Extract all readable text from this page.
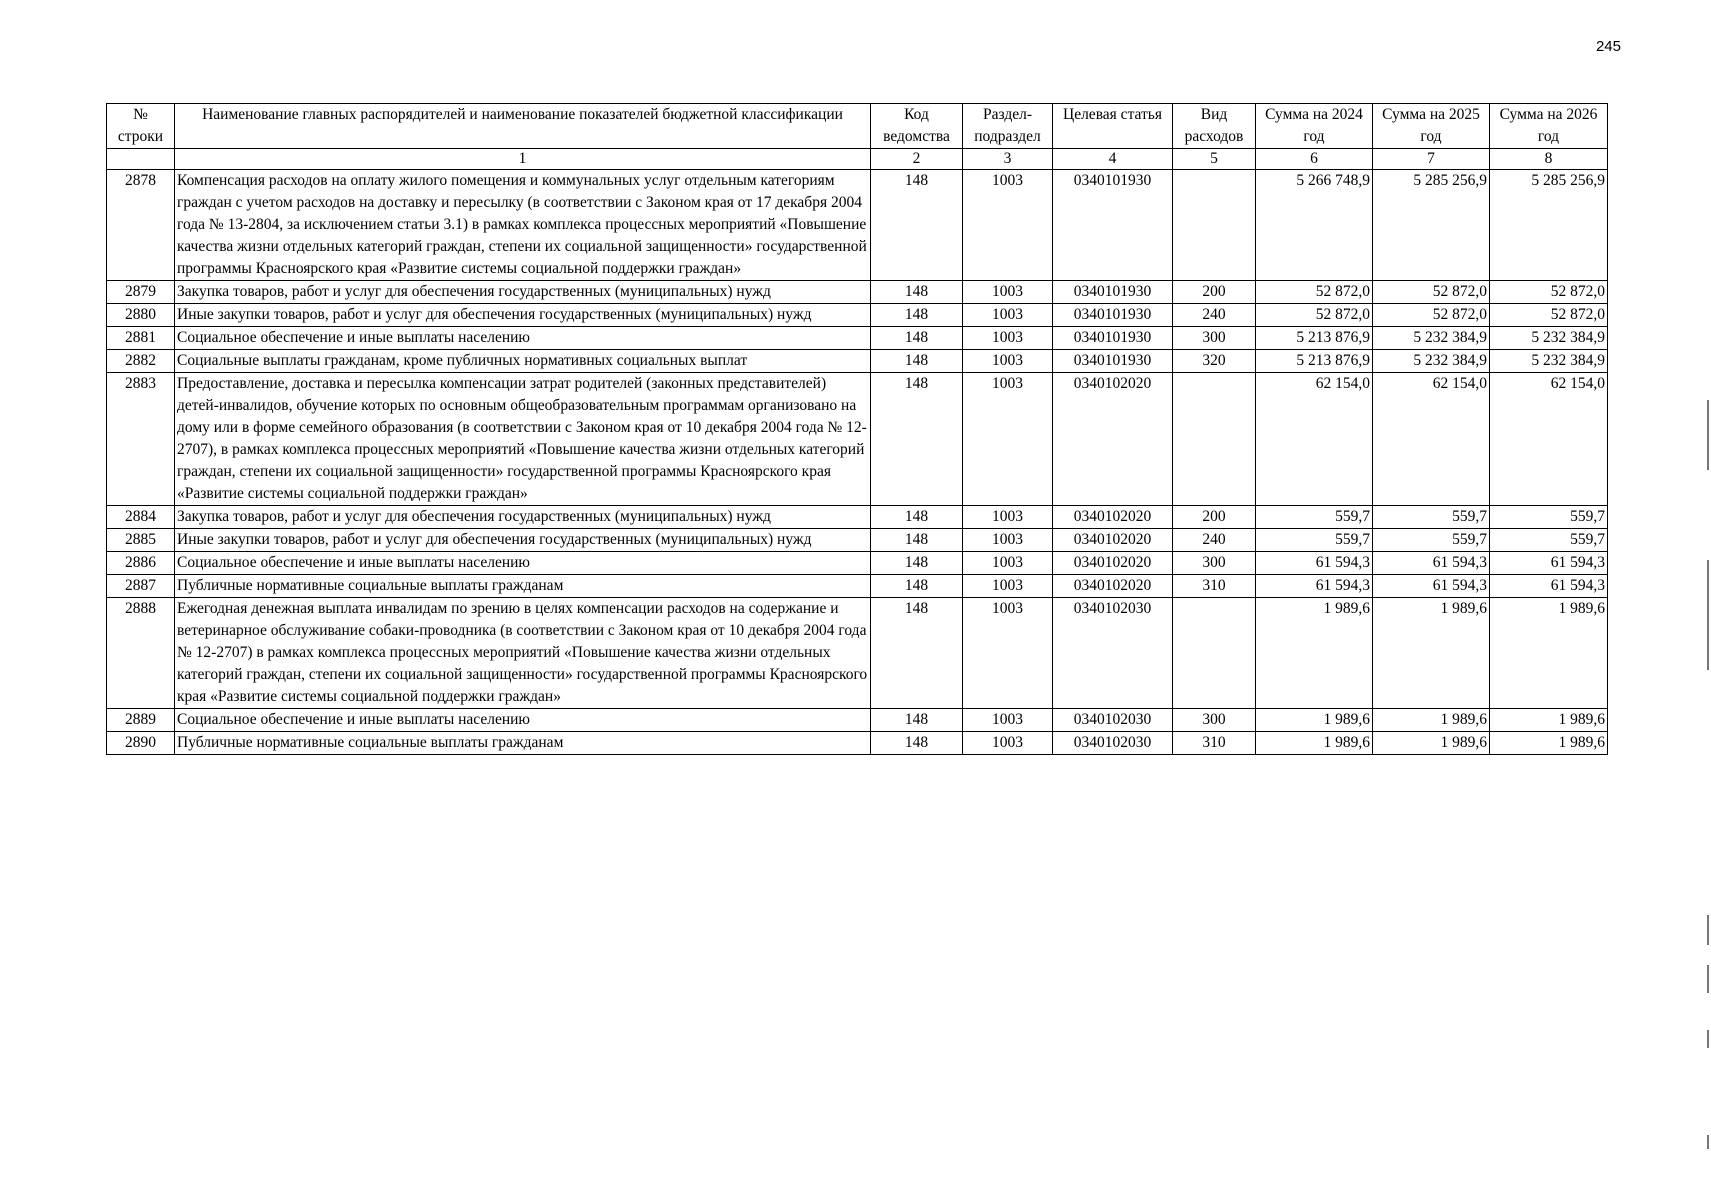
245
№ строки	Наименование главных распорядителей и наименование показателей бюджетной классификации	Код ведомства	Раздел-подраздел	Целевая статья	Вид расходов	Сумма на 2024 год	Сумма на 2025 год	Сумма на 2026 год
	1	2	3	4	5	6	7	8
2878	Компенсация расходов на оплату жилого помещения и коммунальных услуг отдельным категориям граждан с учетом расходов на доставку и пересылку (в соответствии с Законом края от 17 декабря 2004 года № 13-2804, за исключением статьи 3.1) в рамках комплекса процессных мероприятий «Повышение качества жизни отдельных категорий граждан, степени их социальной защищенности» государственной программы Красноярского края «Развитие системы социальной поддержки граждан»	148	1003	0340101930		5 266 748,9	5 285 256,9	5 285 256,9
2879	Закупка товаров, работ и услуг для обеспечения государственных (муниципальных) нужд	148	1003	0340101930	200	52 872,0	52 872,0	52 872,0
2880	Иные закупки товаров, работ и услуг для обеспечения государственных (муниципальных) нужд	148	1003	0340101930	240	52 872,0	52 872,0	52 872,0
2881	Социальное обеспечение и иные выплаты населению	148	1003	0340101930	300	5 213 876,9	5 232 384,9	5 232 384,9
2882	Социальные выплаты гражданам, кроме публичных нормативных социальных выплат	148	1003	0340101930	320	5 213 876,9	5 232 384,9	5 232 384,9
2883	Предоставление, доставка и пересылка компенсации затрат родителей (законных представителей) детей-инвалидов, обучение которых по основным общеобразовательным программам организовано на дому или в форме семейного образования (в соответствии с Законом края от 10 декабря 2004 года № 12-2707), в рамках комплекса процессных мероприятий «Повышение качества жизни отдельных категорий граждан, степени их социальной защищенности» государственной программы Красноярского края «Развитие системы социальной поддержки граждан»	148	1003	0340102020		62 154,0	62 154,0	62 154,0
2884	Закупка товаров, работ и услуг для обеспечения государственных (муниципальных) нужд	148	1003	0340102020	200	559,7	559,7	559,7
2885	Иные закупки товаров, работ и услуг для обеспечения государственных (муниципальных) нужд	148	1003	0340102020	240	559,7	559,7	559,7
2886	Социальное обеспечение и иные выплаты населению	148	1003	0340102020	300	61 594,3	61 594,3	61 594,3
2887	Публичные нормативные социальные выплаты гражданам	148	1003	0340102020	310	61 594,3	61 594,3	61 594,3
2888	Ежегодная денежная выплата инвалидам по зрению в целях компенсации расходов на содержание и ветеринарное обслуживание собаки-проводника (в соответствии с Законом края от 10 декабря 2004 года № 12-2707) в рамках комплекса процессных мероприятий «Повышение качества жизни отдельных категорий граждан, степени их социальной защищенности» государственной программы Красноярского края «Развитие системы социальной поддержки граждан»	148	1003	0340102030		1 989,6	1 989,6	1 989,6
2889	Социальное обеспечение и иные выплаты населению	148	1003	0340102030	300	1 989,6	1 989,6	1 989,6
2890	Публичные нормативные социальные выплаты гражданам	148	1003	0340102030	310	1 989,6	1 989,6	1 989,6
